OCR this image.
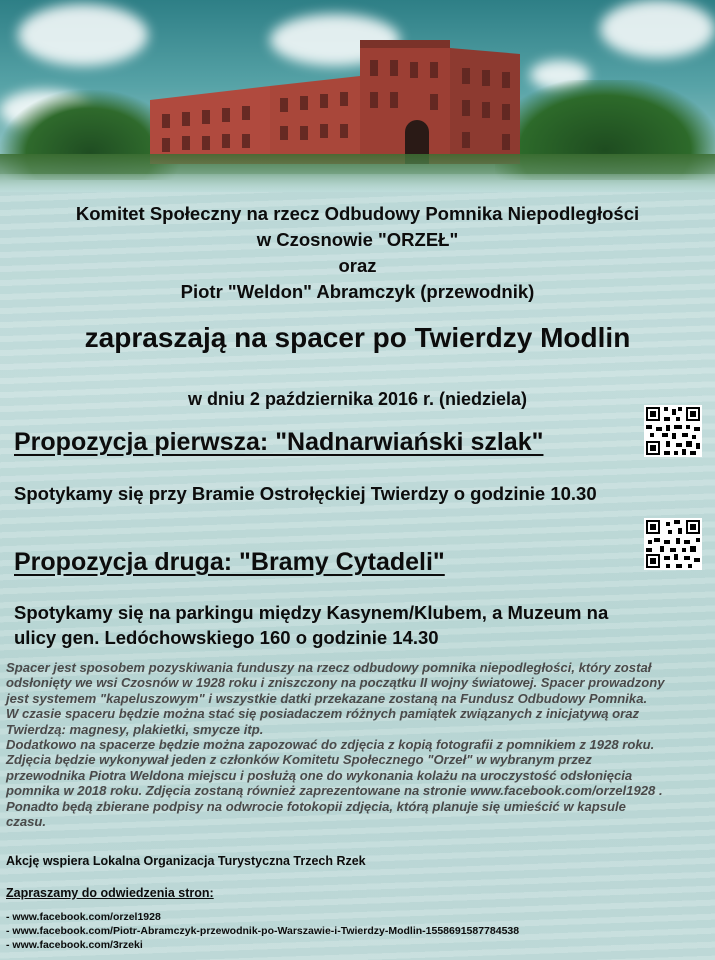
Komitet Społeczny na rzecz Odbudowy Pomnika Niepodległości
w Czosnowie "ORZEŁ"
oraz
Piotr "Weldon" Abramczyk (przewodnik)
zapraszają na spacer po Twierdzy Modlin
w dniu 2 października 2016 r. (niedziela)
Propozycja pierwsza: "Nadnarwiański szlak"
Spotykamy się przy Bramie Ostrołęckiej Twierdzy o godzinie 10.30
Propozycja druga: "Bramy Cytadeli"
Spotykamy się na parkingu między Kasynem/Klubem, a Muzeum na
ulicy gen. Ledóchowskiego 160 o godzinie 14.30
Spacer jest sposobem pozyskiwania funduszy na rzecz odbudowy pomnika niepodległości, który został
odsłonięty we wsi Czosnów w 1928 roku i zniszczony na początku II wojny światowej. Spacer prowadzony
jest systemem "kapeluszowym" i wszystkie datki przekazane zostaną na Fundusz Odbudowy Pomnika.
W czasie spaceru będzie można stać się posiadaczem różnych pamiątek związanych z inicjatywą oraz
Twierdzą: magnesy, plakietki, smycze itp.
Dodatkowo na spacerze będzie można zapozować do zdjęcia z kopią fotografii z pomnikiem z 1928 roku.
Zdjęcia będzie wykonywał jeden z członków Komitetu Społecznego "Orzeł" w wybranym przez
przewodnika Piotra Weldona miejscu i posłużą one do wykonania kolażu na uroczystość odsłonięcia
pomnika w 2018 roku. Zdjęcia zostaną również zaprezentowane na stronie www.facebook.com/orzel1928 .
Ponadto będą zbierane podpisy na odwrocie fotokopii zdjęcia, którą planuje się umieścić w kapsule
czasu.
Akcję wspiera Lokalna Organizacja Turystyczna Trzech Rzek
Zapraszamy do odwiedzenia stron:
- www.facebook.com/orzel1928
- www.facebook.com/Piotr-Abramczyk-przewodnik-po-Warszawie-i-Twierdzy-Modlin-1558691587784538
- www.facebook.com/3rzeki
